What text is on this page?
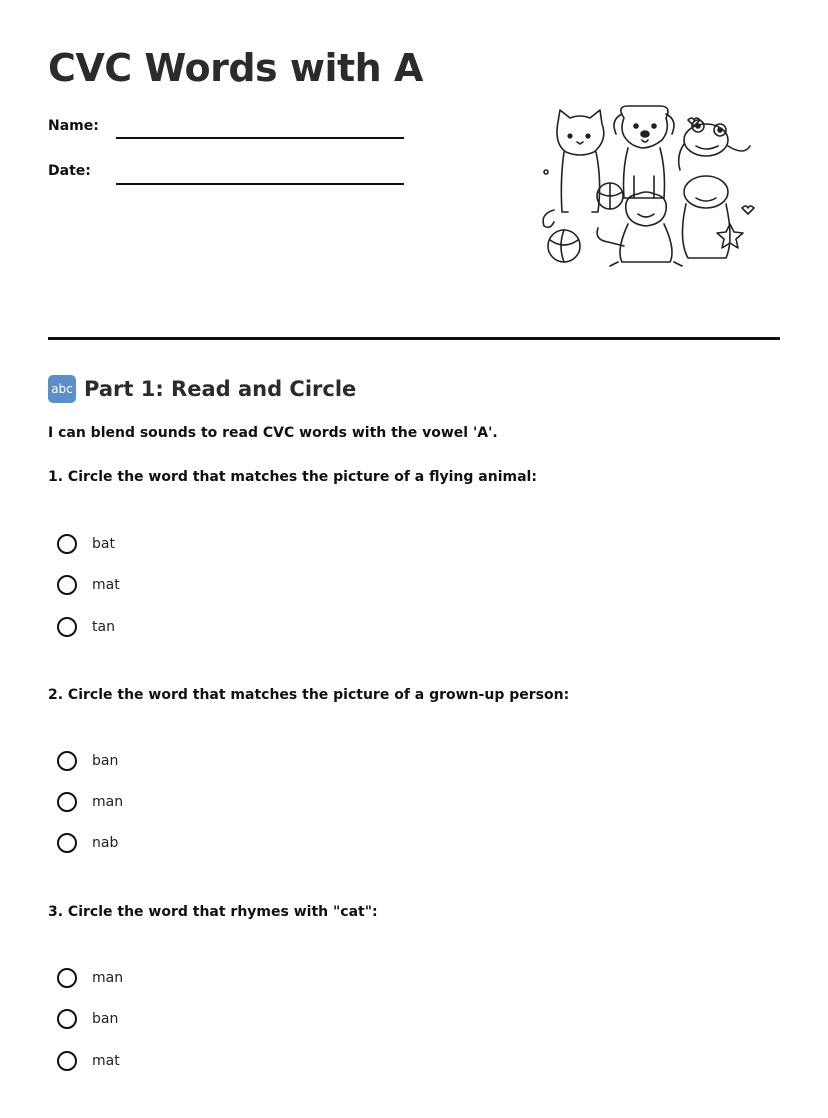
CVC Words with A
Name:
Date:
abc Part 1: Read and Circle
I can blend sounds to read CVC words with the vowel 'A'.
1. Circle the word that matches the picture of a flying animal:
bat
mat
tan
2. Circle the word that matches the picture of a grown-up person:
ban
man
nab
3. Circle the word that rhymes with "cat":
man
ban
mat
